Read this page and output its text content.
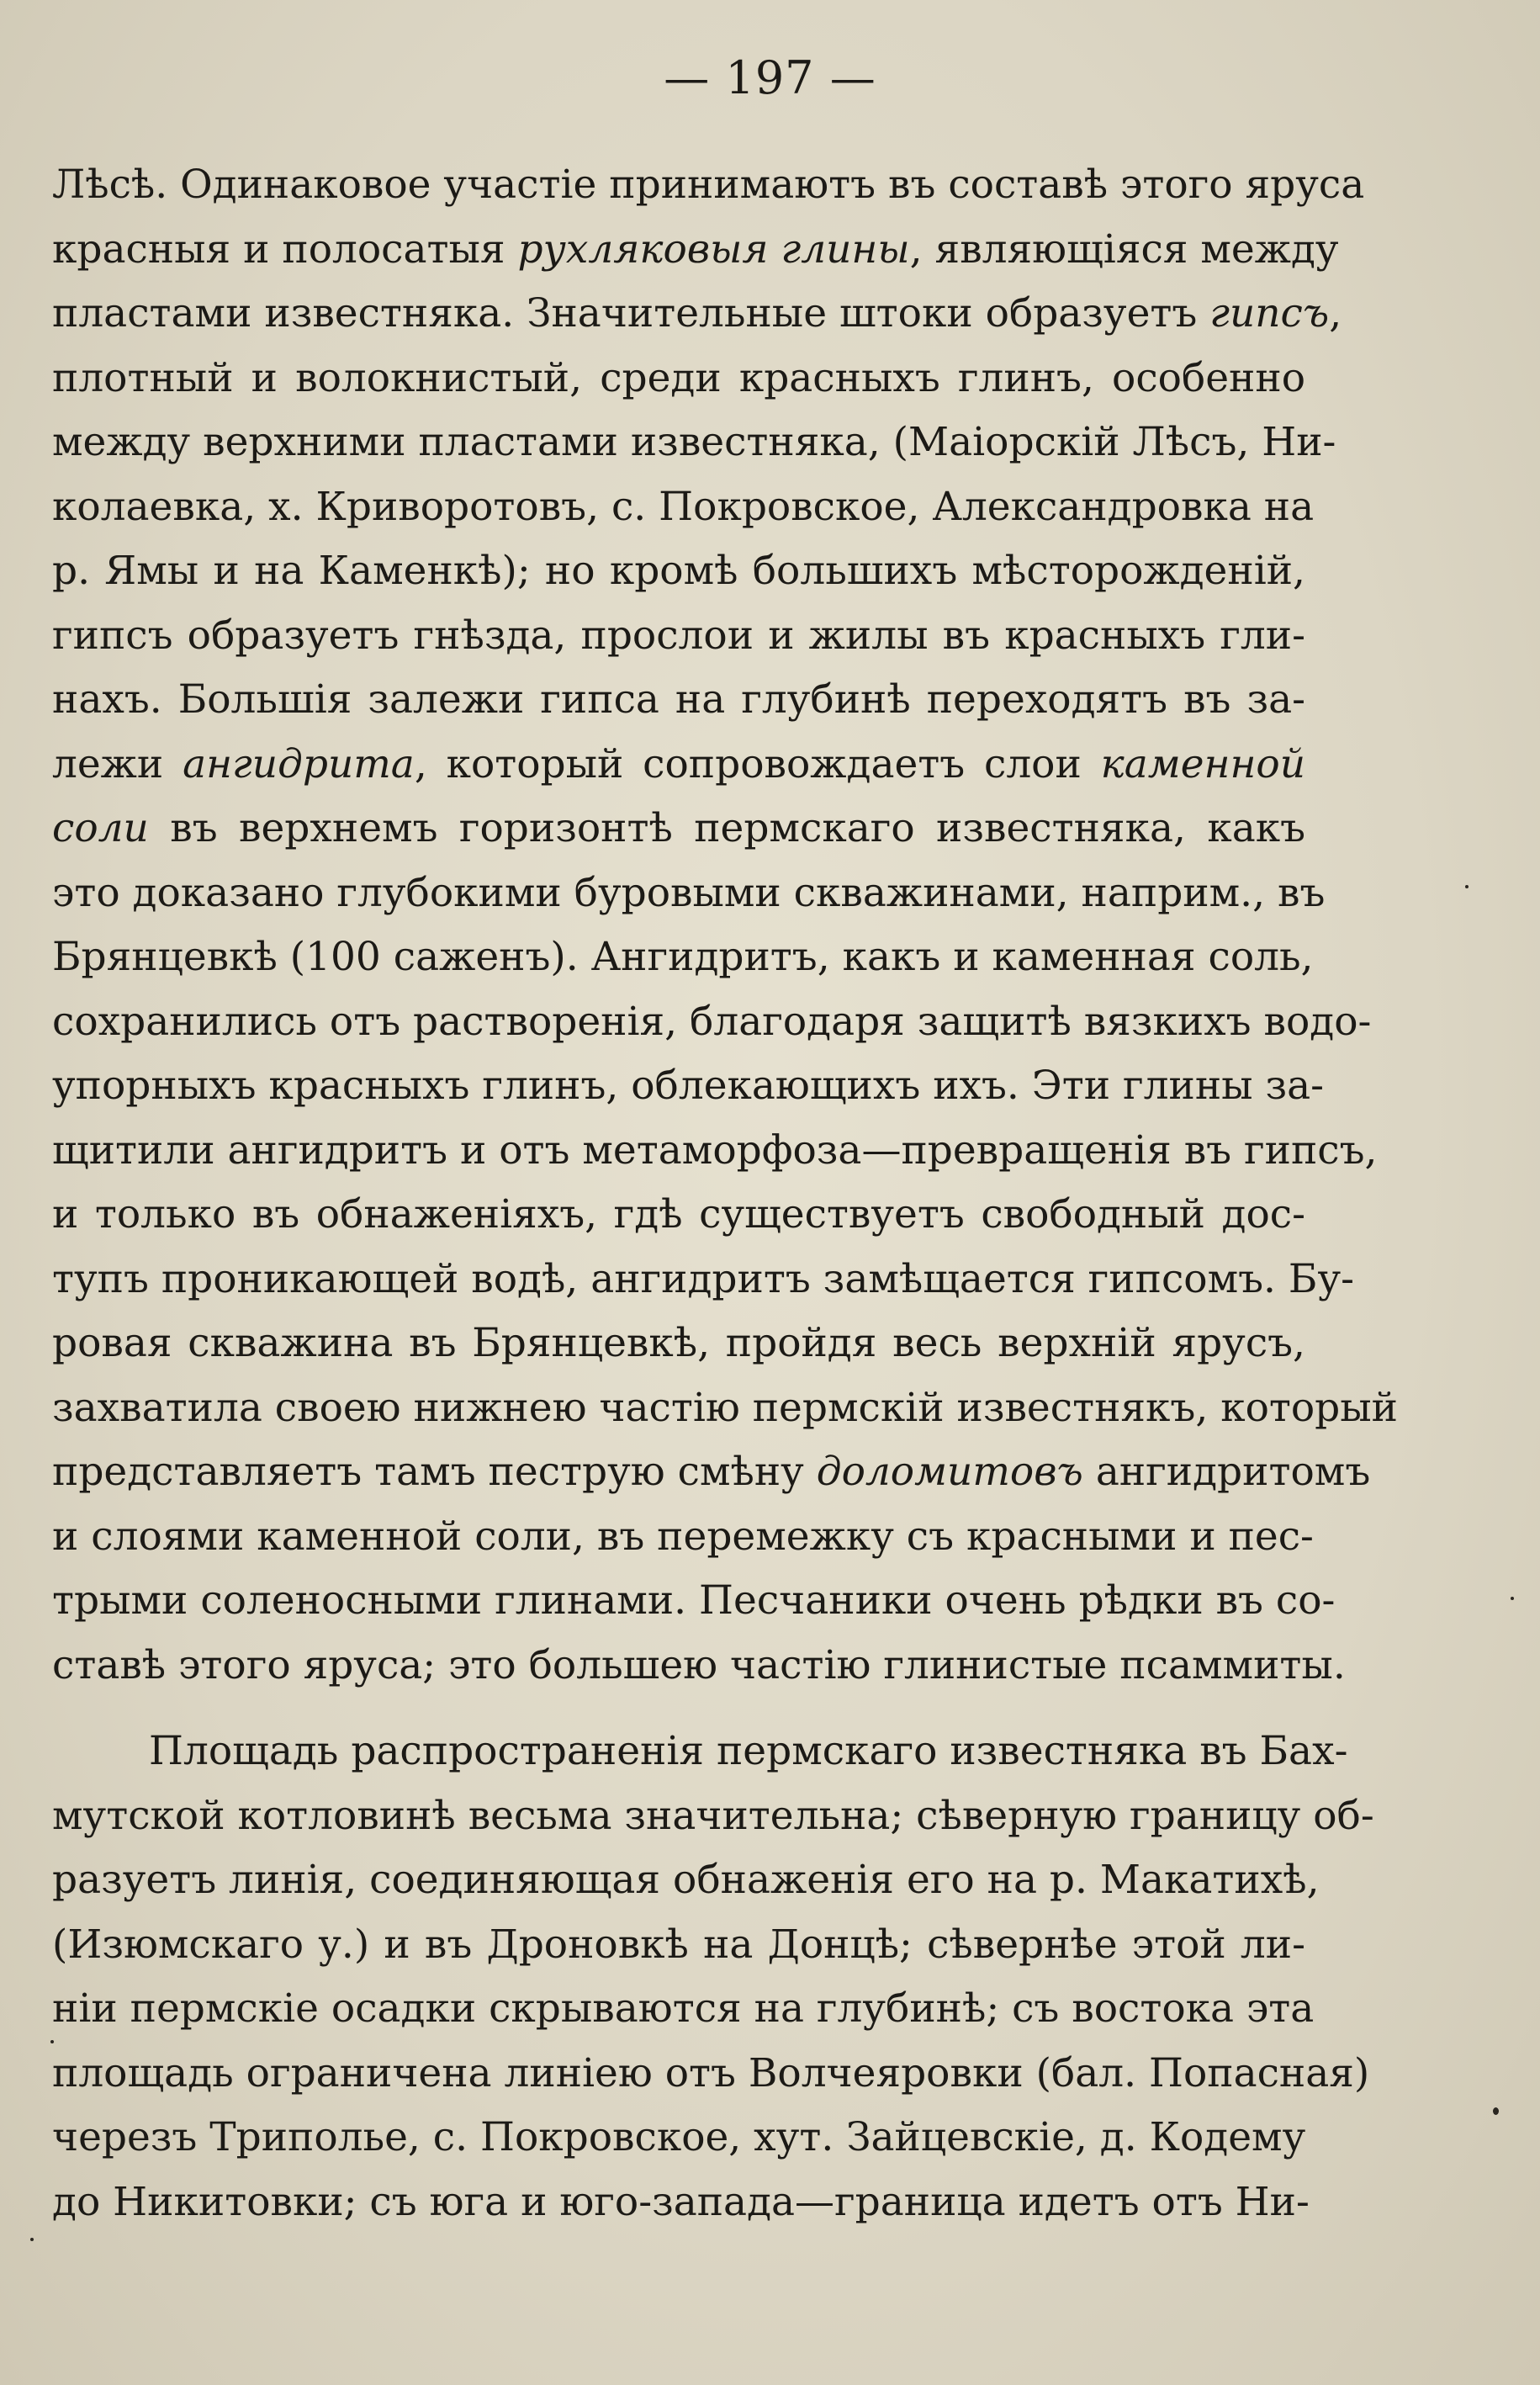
— 197 —
Лѣсѣ. Одинаковое участіе принимаютъ въ составѣ этого яруса
красныя и полосатыя рухляковыя глины, являющіяся между
пластами известняка. Значительные штоки образуетъ гипсъ,
плотный и волокнистый, среди красныхъ глинъ, особенно
между верхними пластами известняка, (Маіорскій Лѣсъ, Ни-
колаевка, х. Криворотовъ, с. Покровское, Александровка на
р. Ямы и на Каменкѣ); но кромѣ большихъ мѣсторожденій,
гипсъ образуетъ гнѣзда, прослои и жилы въ красныхъ гли-
нахъ. Большія залежи гипса на глубинѣ переходятъ въ за-
лежи ангидрита, который сопровождаетъ слои каменной
соли въ верхнемъ горизонтѣ пермскаго известняка, какъ
это доказано глубокими буровыми скважинами, наприм., въ
Брянцевкѣ (100 саженъ). Ангидритъ, какъ и каменная соль,
сохранились отъ растворенія, благодаря защитѣ вязкихъ водо-
упорныхъ красныхъ глинъ, облекающихъ ихъ. Эти глины за-
щитили ангидритъ и отъ метаморфоза—превращенія въ гипсъ,
и только въ обнаженіяхъ, гдѣ существуетъ свободный дос-
тупъ проникающей водѣ, ангидритъ замѣщается гипсомъ. Бу-
ровая скважина въ Брянцевкѣ, пройдя весь верхній ярусъ,
захватила своею нижнею частію пермскій известнякъ, который
представляетъ тамъ пеструю смѣну доломитовъ ангидритомъ
и слоями каменной соли, въ перемежку съ красными и пес-
трыми соленосными глинами. Песчаники очень рѣдки въ со-
ставѣ этого яруса; это большею частію глинистые псаммиты.
Площадь распространенія пермскаго известняка въ Бах-
мутской котловинѣ весьма значительна; сѣверную границу об-
разуетъ линія, соединяющая обнаженія его на р. Макатихѣ,
(Изюмскаго у.) и въ Дроновкѣ на Донцѣ; сѣвернѣе этой ли-
ніи пермскіе осадки скрываются на глубинѣ; съ востока эта
площадь ограничена линіею отъ Волчеяровки (бал. Попасная)
черезъ Триполье, с. Покровское, хут. Зайцевскіе, д. Кодему
до Никитовки; съ юга и юго-запада—граница идетъ отъ Ни-
